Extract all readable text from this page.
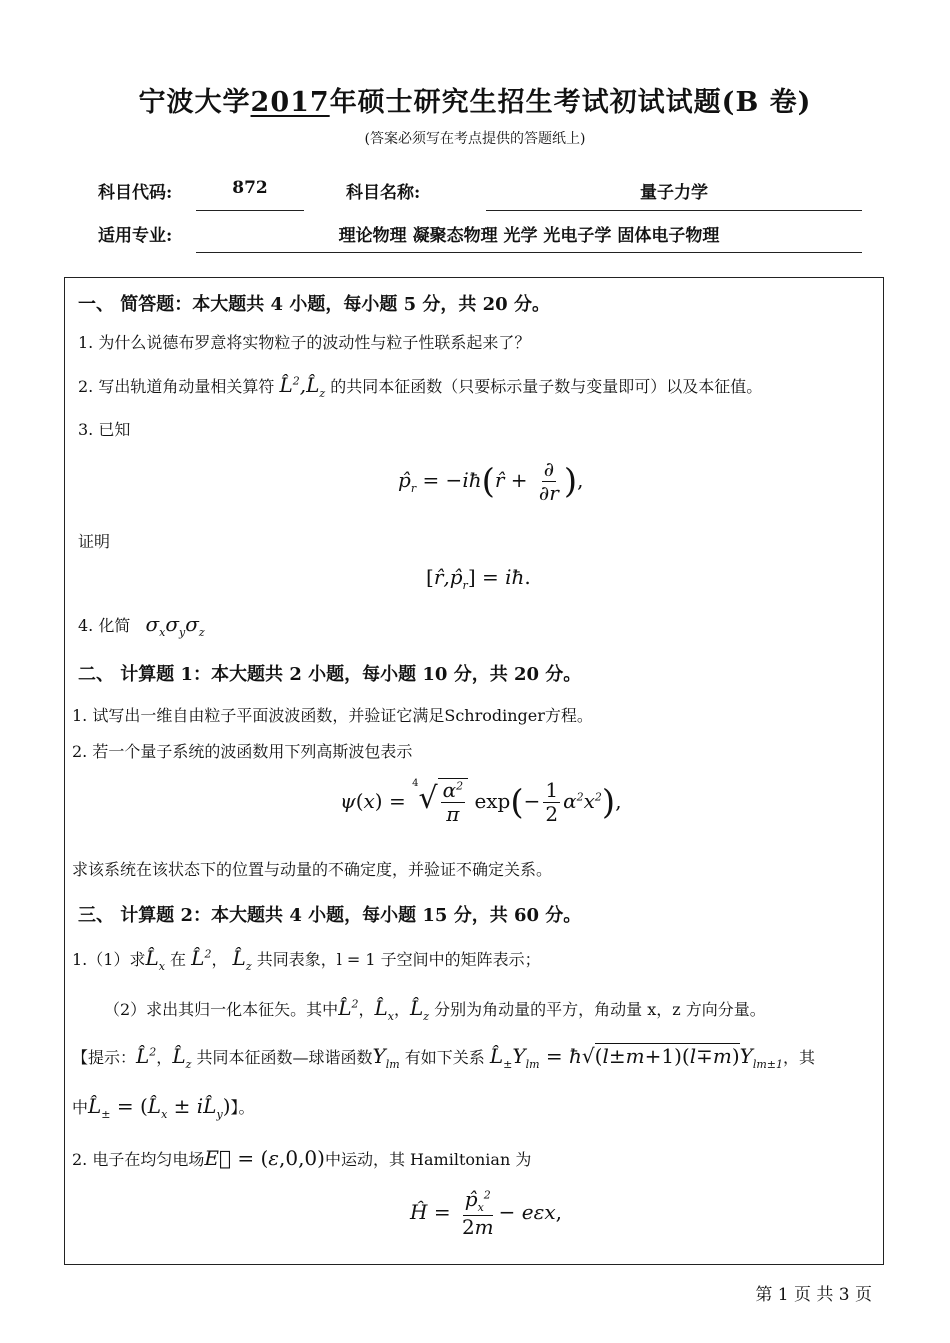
宁波大学2017年硕士研究生招生考试初试试题(B 卷)
(答案必须写在考点提供的答题纸上)
科目代码:	872	科目名称:	量子力学
适用专业:	理论物理 凝聚态物理 光学 光电子学 固体电子物理
一、 简答题：本大题共 4 小题，每小题 5 分，共 20 分。
1. 为什么说德布罗意将实物粒子的波动性与粒子性联系起来了？
2. 写出轨道角动量相关算符 $L̂^2,L̂_z$ 的共同本征函数（只要标示量子数与变量即可）以及本征值。
3. 已知
$p̂_r$ = −iħ(r̂ + $\frac{\partial}{\partial r}$ ),
证明
$[r̂,p̂_r]$ = iħ.
4. 化简 $\sigma_x\sigma_y\sigma_z$
二、 计算题 1：本大题共 2 小题，每小题 10 分，共 20 分。
1. 试写出一维自由粒子平面波波函数，并验证它满足Schrodinger方程。
2. 若一个量子系统的波函数用下列高斯波包表示
$\psi(x) = ^4√ \frac{\alpha^2}{\pi} \exp(- \frac{1}{2} \alpha^2x^2)$,
求该系统在该状态下的位置与动量的不确定度，并验证不确定关系。
三、 计算题 2：本大题共 4 小题，每小题 15 分，共 60 分。
1.（1）求$L̂_x$ 在 L̂$^2$， $L̂_z$ 共同表象，l = 1 子空间中的矩阵表示；
（2）求出其归一化本征矢。其中L̂$^2$，$L̂_x$，$L̂_z$ 分别为角动量的平方，角动量 x，z 方向分量。
【提示：L̂$^2$，$L̂_z$ 共同本征函数—球谐函数$Y_{lm}$ 有如下关系 $L̂_\pm Y_{lm}$ = $ħ√(l\pm m+1)(l\mp m)Y_{lm\pm 1}$，其
中$L̂_\pm$ = ($L̂_x$ ± $iL̂_y$)】。
2. 电子在均匀电场E⃗ = (ε,0,0)中运动，其 Hamiltonian 为
Ĥ = $\frac{p̂_x^2}{2m} - e\varepsilon x$,
第 1 页 共 3 页
